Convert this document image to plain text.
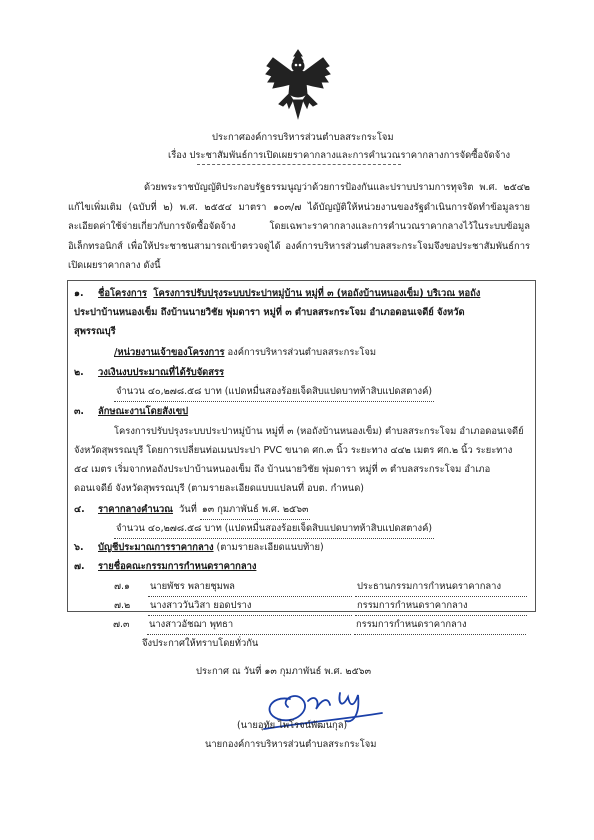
ประกาศองค์การบริหารส่วนตำบลสระกระโจม
เรื่อง ประชาสัมพันธ์การเปิดเผยราคากลางและการคำนวณราคากลางการจัดซื้อจัดจ้าง
ด้วยพระราชบัญญัติประกอบรัฐธรรมนูญว่าด้วยการป้องกันและปราบปรามการทุจริต พ.ศ. ๒๕๔๒ แก้ไขเพิ่มเติม (ฉบับที่ ๒) พ.ศ. ๒๕๕๔ มาตรา ๑๐๓/๗ ได้บัญญัติให้หน่วยงานของรัฐดำเนินการจัดทำข้อมูลรายละเอียดค่าใช้จ่ายเกี่ยวกับการจัดซื้อจัดจ้าง โดยเฉพาะราคากลางและการคำนวณราคากลางไว้ในระบบข้อมูลอิเล็กทรอนิกส์ เพื่อให้ประชาชนสามารถเข้าตรวจดูได้ องค์การบริหารส่วนตำบลสระกระโจมจึงขอประชาสัมพันธ์การเปิดเผยราคากลาง ดังนี้
๑. ชื่อโครงการ โครงการปรับปรุงระบบประปาหมู่บ้าน หมู่ที่ ๓ (หอถังบ้านหนองเข็ม) บริเวณ หอถัง
ประปาบ้านหนองเข็ม ถึงบ้านนายวิชัย พุ่มดารา หมู่ที่ ๓ ตำบลสระกระโจม อำเภอดอนเจดีย์ จังหวัด
สุพรรณบุรี
/หน่วยงานเจ้าของโครงการ องค์การบริหารส่วนตำบลสระกระโจม
๒. วงเงินงบประมาณที่ได้รับจัดสรร
จำนวน ๔๐,๒๗๘.๕๘ บาท (แปดหมื่นสองร้อยเจ็ดสิบแปดบาทห้าสิบแปดสตางค์)
๓. ลักษณะงานโดยสังเขป
โครงการปรับปรุงระบบประปาหมู่บ้าน หมู่ที่ ๓ (หอถังบ้านหนองเข็ม) ตำบลสระกระโจม อำเภอดอนเจดีย์
จังหวัดสุพรรณบุรี โดยการเปลี่ยนท่อเมนประปา PVC ขนาด ศก.๓ นิ้ว ระยะทาง ๔๔๒ เมตร ศก.๒ นิ้ว ระยะทาง
๕๔ เมตร เริ่มจากหอถังประปาบ้านหนองเข็ม ถึง บ้านนายวิชัย พุ่มดารา หมู่ที่ ๓ ตำบลสระกระโจม อำเภอ
ดอนเจดีย์ จังหวัดสุพรรณบุรี (ตามรายละเอียดแบบแปลนที่ อบต. กำหนด)
๔. ราคากลางคำนวณ วันที่ ๑๓ กุมภาพันธ์ พ.ศ. ๒๕๖๓
จำนวน ๔๐,๒๗๘.๕๘ บาท (แปดหมื่นสองร้อยเจ็ดสิบแปดบาทห้าสิบแปดสตางค์)
๖. บัญชีประมาณการราคากลาง (ตามรายละเอียดแนบท้าย)
๗. รายชื่อคณะกรรมการกำหนดราคากลาง
๗.๑ นายพัชร พลายชุมพล	ประธานกรรมการกำหนดราคากลาง
๗.๒ นางสาววันวิสา ยอดปราง	กรรมการกำหนดราคากลาง
๗.๓ นางสาวอัชฌา พุทธา	กรรมการกำหนดราคากลาง
จึงประกาศให้ทราบโดยทั่วกัน
ประกาศ ณ วันที่ ๑๓ กุมภาพันธ์ พ.ศ. ๒๕๖๓
(นายอุทัย ไพโรจน์พัฒนกุล)
นายกองค์การบริหารส่วนตำบลสระกระโจม
